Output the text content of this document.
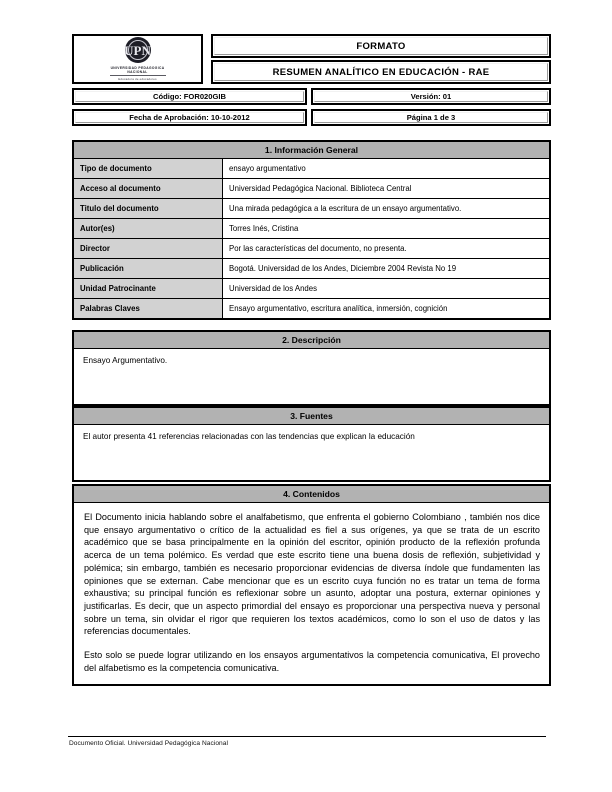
UPN
UNIVERSIDAD PEDAGOGICA
NACIONAL
Educadora de educadores
FORMATO
RESUMEN ANALÍTICO EN EDUCACIÓN - RAE
Código: FOR020GIB	Versión: 01
Fecha de Aprobación: 10-10-2012	Página 1 de 3
1. Información General
Tipo de documento	ensayo argumentativo
Acceso al documento	Universidad Pedagógica Nacional. Biblioteca Central
Titulo del documento	Una mirada pedagógica a la escritura de un ensayo argumentativo.
Autor(es)	Torres Inés, Cristina
Director	Por las características del documento, no presenta.
Publicación	Bogotá. Universidad de los Andes, Diciembre 2004 Revista No 19
Unidad Patrocinante	Universidad de los Andes
Palabras Claves	Ensayo argumentativo, escritura analítica, inmersión, cognición
2. Descripción
Ensayo Argumentativo.
3. Fuentes
El autor presenta 41 referencias relacionadas con las tendencias que explican la educación
4. Contenidos

El Documento inicia hablando sobre el analfabetismo, que enfrenta el gobierno Colombiano , también nos dice que ensayo argumentativo o crítico de la actualidad es fiel a sus orígenes, ya que se trata de un escrito académico que se basa principalmente en la opinión del escritor, opinión producto de la reflexión profunda acerca de un tema polémico. Es verdad que este escrito tiene una buena dosis de reflexión, subjetividad y polémica; sin embargo, también es necesario proporcionar evidencias de diversa índole que fundamenten las opiniones que se externan. Cabe mencionar que es un escrito cuya función no es tratar un tema de forma exhaustiva; su principal función es reflexionar sobre un asunto, adoptar una postura, externar opiniones y justificarlas. Es decir, que un aspecto primordial del ensayo es proporcionar una perspectiva nueva y personal sobre un tema, sin olvidar el rigor que requieren los textos académicos, como lo son el uso de datos y las referencias documentales.

Esto solo se puede lograr utilizando en los ensayos argumentativos la competencia comunicativa, El provecho del alfabetismo es la competencia comunicativa.

Documento Oficial. Universidad Pedagógica Nacional
